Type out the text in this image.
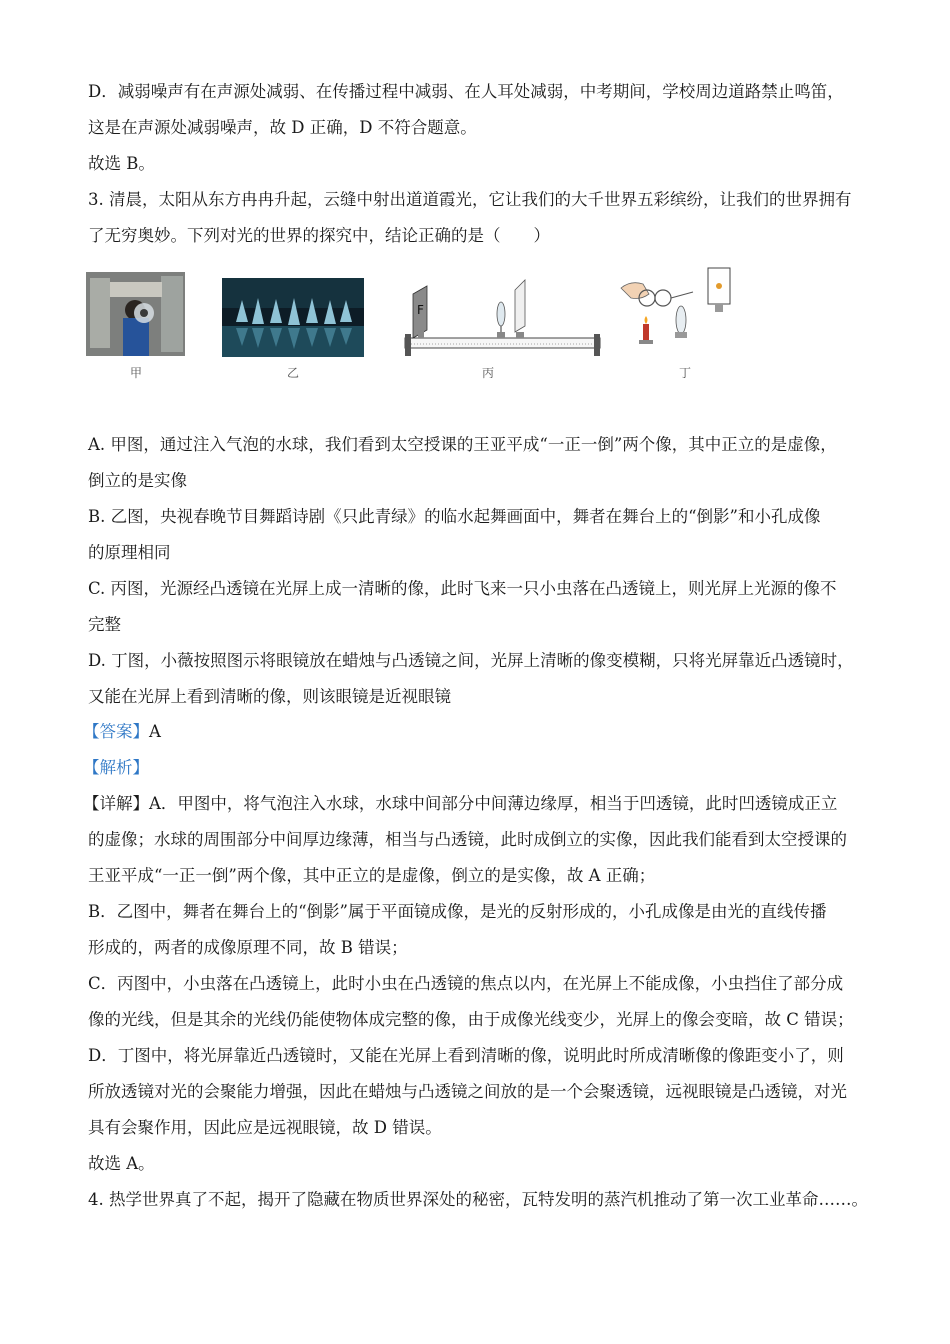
D．减弱噪声有在声源处减弱、在传播过程中减弱、在人耳处减弱，中考期间，学校周边道路禁止鸣笛，
这是在声源处减弱噪声，故 D 正确，D 不符合题意。
故选 B。
3. 清晨，太阳从东方冉冉升起，云缝中射出道道霞光，它让我们的大千世界五彩缤纷，让我们的世界拥有
了无穷奥妙。下列对光的世界的探究中，结论正确的是（　　）
甲	乙
F
丙	丁
A. 甲图，通过注入气泡的水球，我们看到太空授课的王亚平成“一正一倒”两个像，其中正立的是虚像，
倒立的是实像
B. 乙图，央视春晚节目舞蹈诗剧《只此青绿》的临水起舞画面中，舞者在舞台上的“倒影”和小孔成像
的原理相同
C. 丙图，光源经凸透镜在光屏上成一清晰的像，此时飞来一只小虫落在凸透镜上，则光屏上光源的像不
完整
D. 丁图，小薇按照图示将眼镜放在蜡烛与凸透镜之间，光屏上清晰的像变模糊，只将光屏靠近凸透镜时，
又能在光屏上看到清晰的像，则该眼镜是近视眼镜
【答案】A
【解析】
【详解】A．甲图中，将气泡注入水球，水球中间部分中间薄边缘厚，相当于凹透镜，此时凹透镜成正立
的虚像；水球的周围部分中间厚边缘薄，相当与凸透镜，此时成倒立的实像，因此我们能看到太空授课的
王亚平成“一正一倒”两个像，其中正立的是虚像，倒立的是实像，故 A 正确；
B．乙图中，舞者在舞台上的“倒影”属于平面镜成像，是光的反射形成的，小孔成像是由光的直线传播
形成的，两者的成像原理不同，故 B 错误；
C．丙图中，小虫落在凸透镜上，此时小虫在凸透镜的焦点以内，在光屏上不能成像，小虫挡住了部分成
像的光线，但是其余的光线仍能使物体成完整的像，由于成像光线变少，光屏上的像会变暗，故 C 错误；
D．丁图中，将光屏靠近凸透镜时，又能在光屏上看到清晰的像，说明此时所成清晰像的像距变小了，则
所放透镜对光的会聚能力增强，因此在蜡烛与凸透镜之间放的是一个会聚透镜，远视眼镜是凸透镜，对光
具有会聚作用，因此应是远视眼镜，故 D 错误。
故选 A。
4. 热学世界真了不起，揭开了隐藏在物质世界深处的秘密，瓦特发明的蒸汽机推动了第一次工业革命……。
